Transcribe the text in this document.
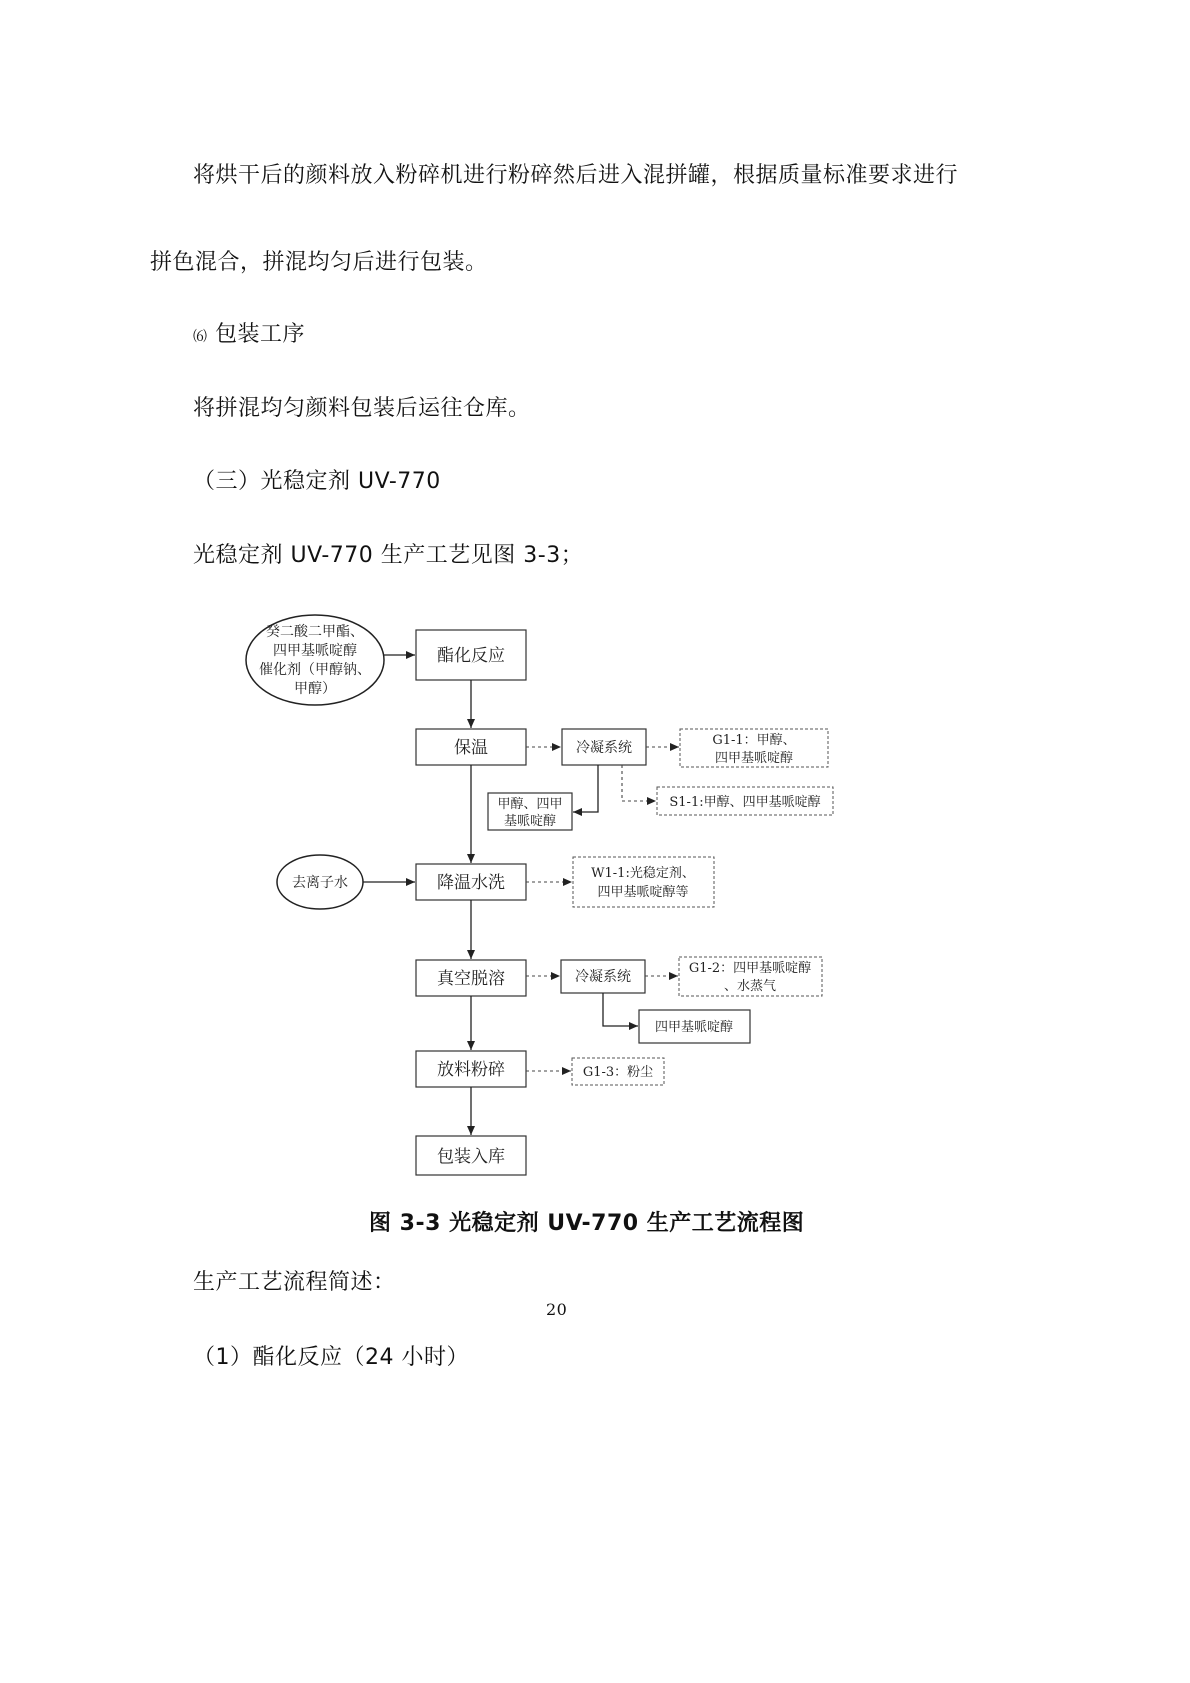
将烘干后的颜料放入粉碎机进行粉碎然后进入混拼罐，根据质量标准要求进行
拼色混合，拼混均匀后进行包装。
⑹ 包装工序
将拼混均匀颜料包装后运往仓库。
（三）光稳定剂 UV-770
光稳定剂 UV-770 生产工艺见图 3-3；
癸二酸二甲酯、
四甲基哌啶醇
催化剂（甲醇钠、
甲醇）
酯化反应
保温
降温水洗
真空脱溶
放料粉碎
包装入库
冷凝系统
冷凝系统
甲醇、四甲
基哌啶醇
四甲基哌啶醇
G1-1：甲醇、
四甲基哌啶醇
S1-1:甲醇、四甲基哌啶醇
W1-1:光稳定剂、
四甲基哌啶醇等
G1-2：四甲基哌啶醇
、水蒸气
G1-3：粉尘
去离子水
图 3-3 光稳定剂 UV-770 生产工艺流程图
生产工艺流程简述：
20
（1）酯化反应（24 小时）
